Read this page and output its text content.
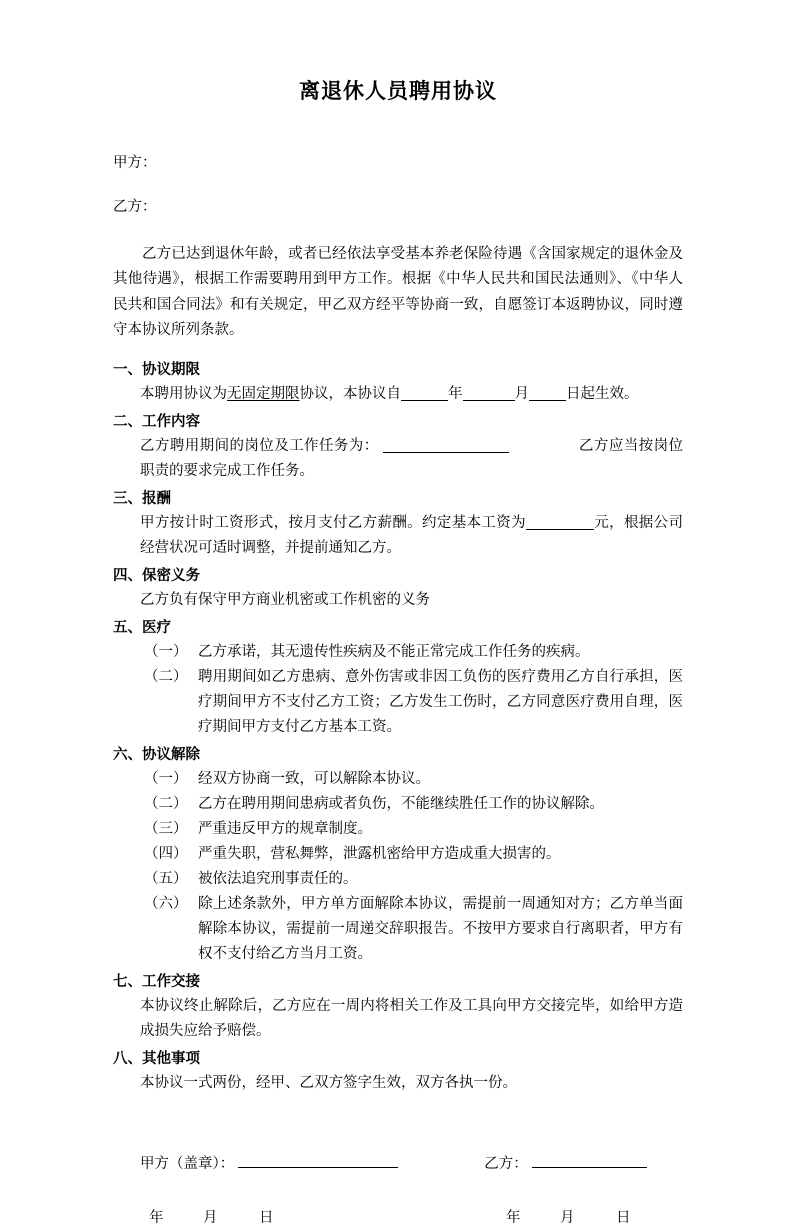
离退休人员聘用协议
甲方：
乙方：

乙方已达到退休年龄，或者已经依法享受基本养老保险待遇《含国家规定的退休金及其他待遇》，根据工作需要聘用到甲方工作。根据《中华人民共和国民法通则》、《中华人民共和国合同法》和有关规定，甲乙双方经平等协商一致，自愿签订本返聘协议，同时遵守本协议所列条款。

一、协议期限
本聘用协议为无固定期限协议，本协议自	年	月	日起生效。
二、工作内容
乙方聘用期间的岗位及工作任务为：	乙方应当按岗位职责的要求完成工作任务。
三、报酬
甲方按计时工资形式，按月支付乙方薪酬。约定基本工资为	元，根据公司经营状况可适时调整，并提前通知乙方。
四、保密义务
乙方负有保守甲方商业机密或工作机密的义务
五、医疗
（一） 乙方承诺，其无遗传性疾病及不能正常完成工作任务的疾病。
（二） 聘用期间如乙方患病、意外伤害或非因工负伤的医疗费用乙方自行承担，医疗期间甲方不支付乙方工资；乙方发生工伤时，乙方同意医疗费用自理，医疗期间甲方支付乙方基本工资。
六、协议解除
（一） 经双方协商一致，可以解除本协议。
（二） 乙方在聘用期间患病或者负伤，不能继续胜任工作的协议解除。
（三） 严重违反甲方的规章制度。
（四） 严重失职，营私舞弊，泄露机密给甲方造成重大损害的。
（五） 被依法追究刑事责任的。
（六） 除上述条款外，甲方单方面解除本协议，需提前一周通知对方；乙方单当面解除本协议，需提前一周递交辞职报告。不按甲方要求自行离职者，甲方有权不支付给乙方当月工资。
七、工作交接
本协议终止解除后，乙方应在一周内将相关工作及工具向甲方交接完毕，如给甲方造成损失应给予赔偿。
八、其他事项
本协议一式两份，经甲、乙双方签字生效，双方各执一份。
甲方（盖章）：	乙方：
年	月	日	年	月	日
